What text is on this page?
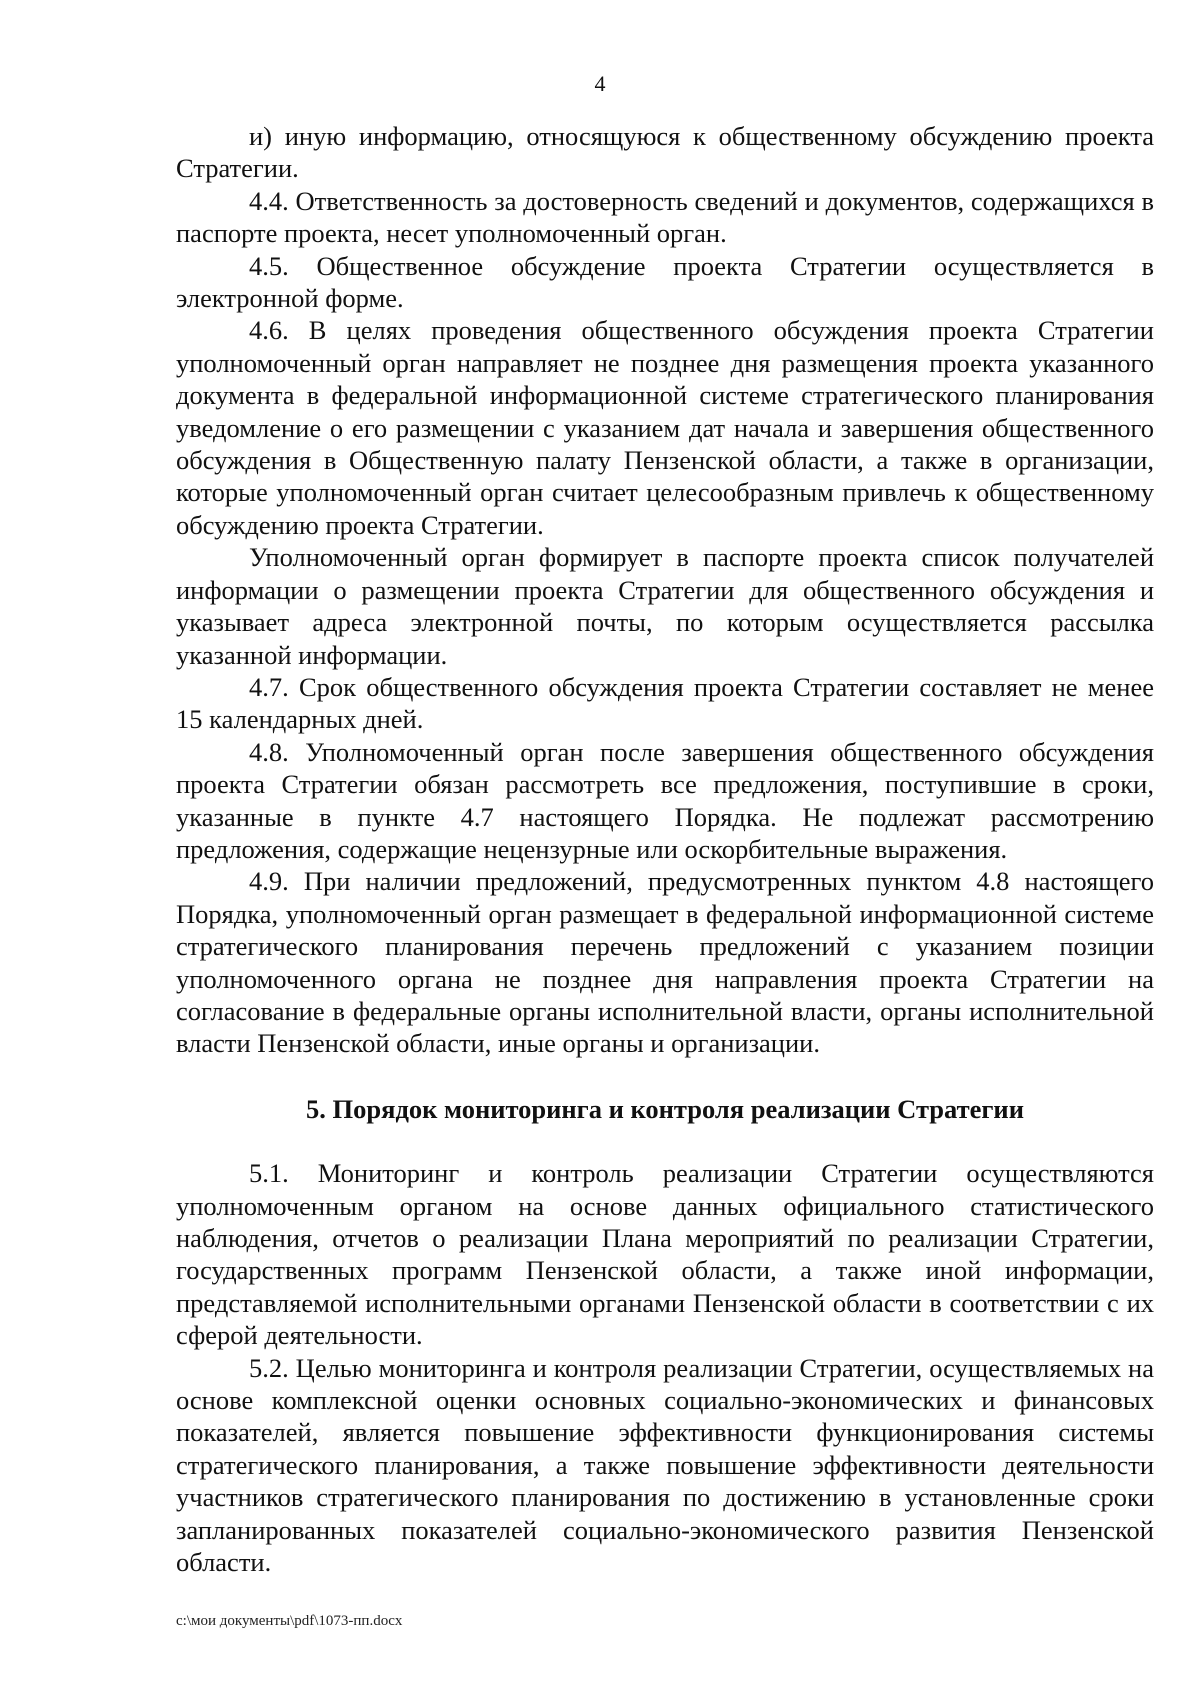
4

и) иную информацию, относящуюся к общественному обсуждению проекта Стратегии.

4.4. Ответственность за достоверность сведений и документов, содержащихся в паспорте проекта, несет уполномоченный орган.

4.5. Общественное обсуждение проекта Стратегии осуществляется в электронной форме.

4.6. В целях проведения общественного обсуждения проекта Стратегии уполномоченный орган направляет не позднее дня размещения проекта указанного документа в федеральной информационной системе стратегического планирования уведомление о его размещении с указанием дат начала и завершения общественного обсуждения в Общественную палату Пензенской области, а также в организации, которые уполномоченный орган считает целесообразным привлечь к общественному обсуждению проекта Стратегии.

Уполномоченный орган формирует в паспорте проекта список получателей информации о размещении проекта Стратегии для общественного обсуждения и указывает адреса электронной почты, по которым осуществляется рассылка указанной информации.

4.7. Срок общественного обсуждения проекта Стратегии составляет не менее 15 календарных дней.

4.8. Уполномоченный орган после завершения общественного обсуждения проекта Стратегии обязан рассмотреть все предложения, поступившие в сроки, указанные в пункте 4.7 настоящего Порядка. Не подлежат рассмотрению предложения, содержащие нецензурные или оскорбительные выражения.

4.9. При наличии предложений, предусмотренных пунктом 4.8 настоящего Порядка, уполномоченный орган размещает в федеральной информационной системе стратегического планирования перечень предложений с указанием позиции уполномоченного органа не позднее дня направления проекта Стратегии на согласование в федеральные органы исполнительной власти, органы исполнительной власти Пензенской области, иные органы и организации.

5. Порядок мониторинга и контроля реализации Стратегии

5.1. Мониторинг и контроль реализации Стратегии осуществляются уполномоченным органом на основе данных официального статистического наблюдения, отчетов о реализации Плана мероприятий по реализации Стратегии, государственных программ Пензенской области, а также иной информации, представляемой исполнительными органами Пензенской области в соответствии с их сферой деятельности.

5.2. Целью мониторинга и контроля реализации Стратегии, осуществляемых на основе комплексной оценки основных социально-экономических и финансовых показателей, является повышение эффективности функционирования системы стратегического планирования, а также повышение эффективности деятельности участников стратегического планирования по достижению в установленные сроки запланированных показателей социально-экономического развития Пензенской области.

c:\мои документы\pdf\1073-пп.docx
